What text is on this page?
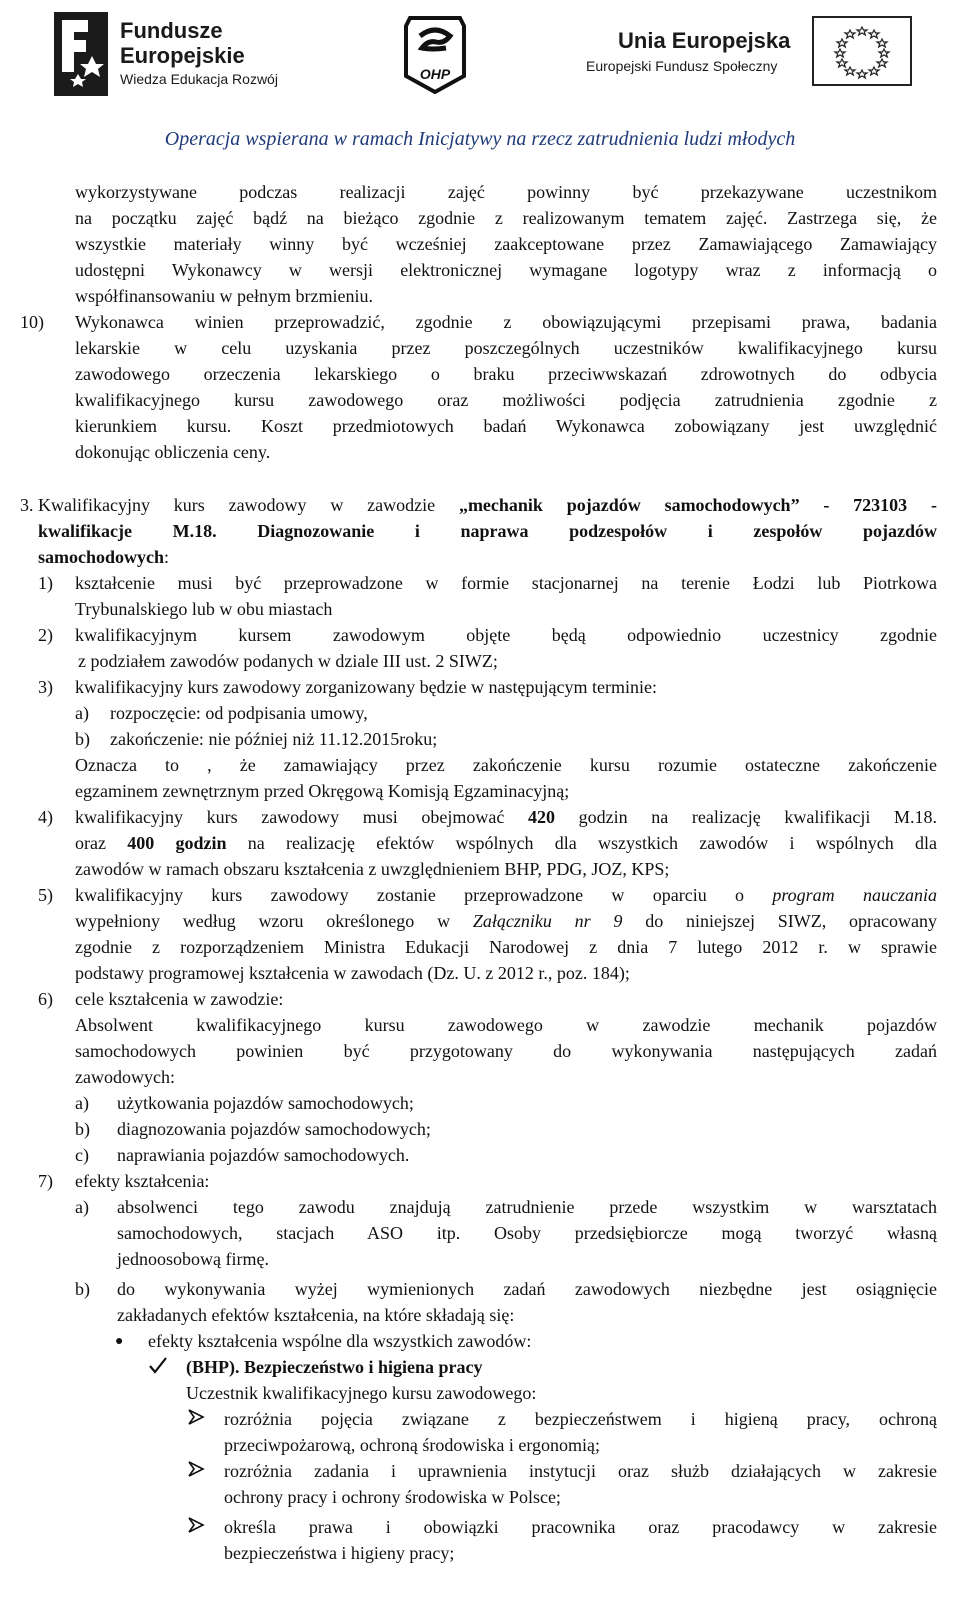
Fundusze
Europejskie
Wiedza Edukacja Rozwój	OHP
Unia Europejska
Europejski Fundusz Społeczny
Operacja wspierana w ramach Inicjatywy na rzecz zatrudnienia ludzi młodych
wykorzystywane podczas realizacji zajęć powinny być przekazywane uczestnikom
na początku zajęć bądź na bieżąco zgodnie z realizowanym tematem zajęć. Zastrzega się, że
wszystkie materiały winny być wcześniej zaakceptowane przez Zamawiającego Zamawiający
udostępni Wykonawcy w wersji elektronicznej wymagane logotypy wraz z informacją o
współfinansowaniu w pełnym brzmieniu.
10) Wykonawca winien przeprowadzić, zgodnie z obowiązującymi przepisami prawa, badania
lekarskie w celu uzyskania przez poszczególnych uczestników kwalifikacyjnego kursu
zawodowego orzeczenia lekarskiego o braku przeciwwskazań zdrowotnych do odbycia
kwalifikacyjnego kursu zawodowego oraz możliwości podjęcia zatrudnienia zgodnie z
kierunkiem kursu. Koszt przedmiotowych badań Wykonawca zobowiązany jest uwzględnić
dokonując obliczenia ceny.
3. Kwalifikacyjny kurs zawodowy w zawodzie „mechanik pojazdów samochodowych” - 723103 -
kwalifikacje M.18. Diagnozowanie i naprawa podzespołów i zespołów pojazdów
samochodowych:
1) kształcenie musi być przeprowadzone w formie stacjonarnej na terenie Łodzi lub Piotrkowa
Trybunalskiego lub w obu miastach
2) kwalifikacyjnym kursem zawodowym objęte będą odpowiednio uczestnicy zgodnie
z podziałem zawodów podanych w dziale III ust. 2 SIWZ;
3) kwalifikacyjny kurs zawodowy zorganizowany będzie w następującym terminie:
a) rozpoczęcie: od podpisania umowy,
b) zakończenie: nie później niż 11.12.2015roku;
Oznacza to , że zamawiający przez zakończenie kursu rozumie ostateczne zakończenie
egzaminem zewnętrznym przed Okręgową Komisją Egzaminacyjną;
4) kwalifikacyjny kurs zawodowy musi obejmować 420 godzin na realizację kwalifikacji M.18.
oraz 400 godzin na realizację efektów wspólnych dla wszystkich zawodów i wspólnych dla
zawodów w ramach obszaru kształcenia z uwzględnieniem BHP, PDG, JOZ, KPS;
5) kwalifikacyjny kurs zawodowy zostanie przeprowadzone w oparciu o program nauczania
wypełniony według wzoru określonego w Załączniku nr 9 do niniejszej SIWZ, opracowany
zgodnie z rozporządzeniem Ministra Edukacji Narodowej z dnia 7 lutego 2012 r. w sprawie
podstawy programowej kształcenia w zawodach (Dz. U. z 2012 r., poz. 184);
6) cele kształcenia w zawodzie:
Absolwent kwalifikacyjnego kursu zawodowego w zawodzie mechanik pojazdów
samochodowych powinien być przygotowany do wykonywania następujących zadań
zawodowych:
a) użytkowania pojazdów samochodowych;
b) diagnozowania pojazdów samochodowych;
c) naprawiania pojazdów samochodowych.
7) efekty kształcenia:
a) absolwenci tego zawodu znajdują zatrudnienie przede wszystkim w warsztatach
samochodowych, stacjach ASO itp. Osoby przedsiębiorcze mogą tworzyć własną
jednoosobową firmę.
b) do wykonywania wyżej wymienionych zadań zawodowych niezbędne jest osiągnięcie
zakładanych efektów kształcenia, na które składają się:
● efekty kształcenia wspólne dla wszystkich zawodów:
(BHP). Bezpieczeństwo i higiena pracy
Uczestnik kwalifikacyjnego kursu zawodowego:
rozróżnia pojęcia związane z bezpieczeństwem i higieną pracy, ochroną
przeciwpożarową, ochroną środowiska i ergonomią;
rozróżnia zadania i uprawnienia instytucji oraz służb działających w zakresie
ochrony pracy i ochrony środowiska w Polsce;
określa prawa i obowiązki pracownika oraz pracodawcy w zakresie
bezpieczeństwa i higieny pracy;
